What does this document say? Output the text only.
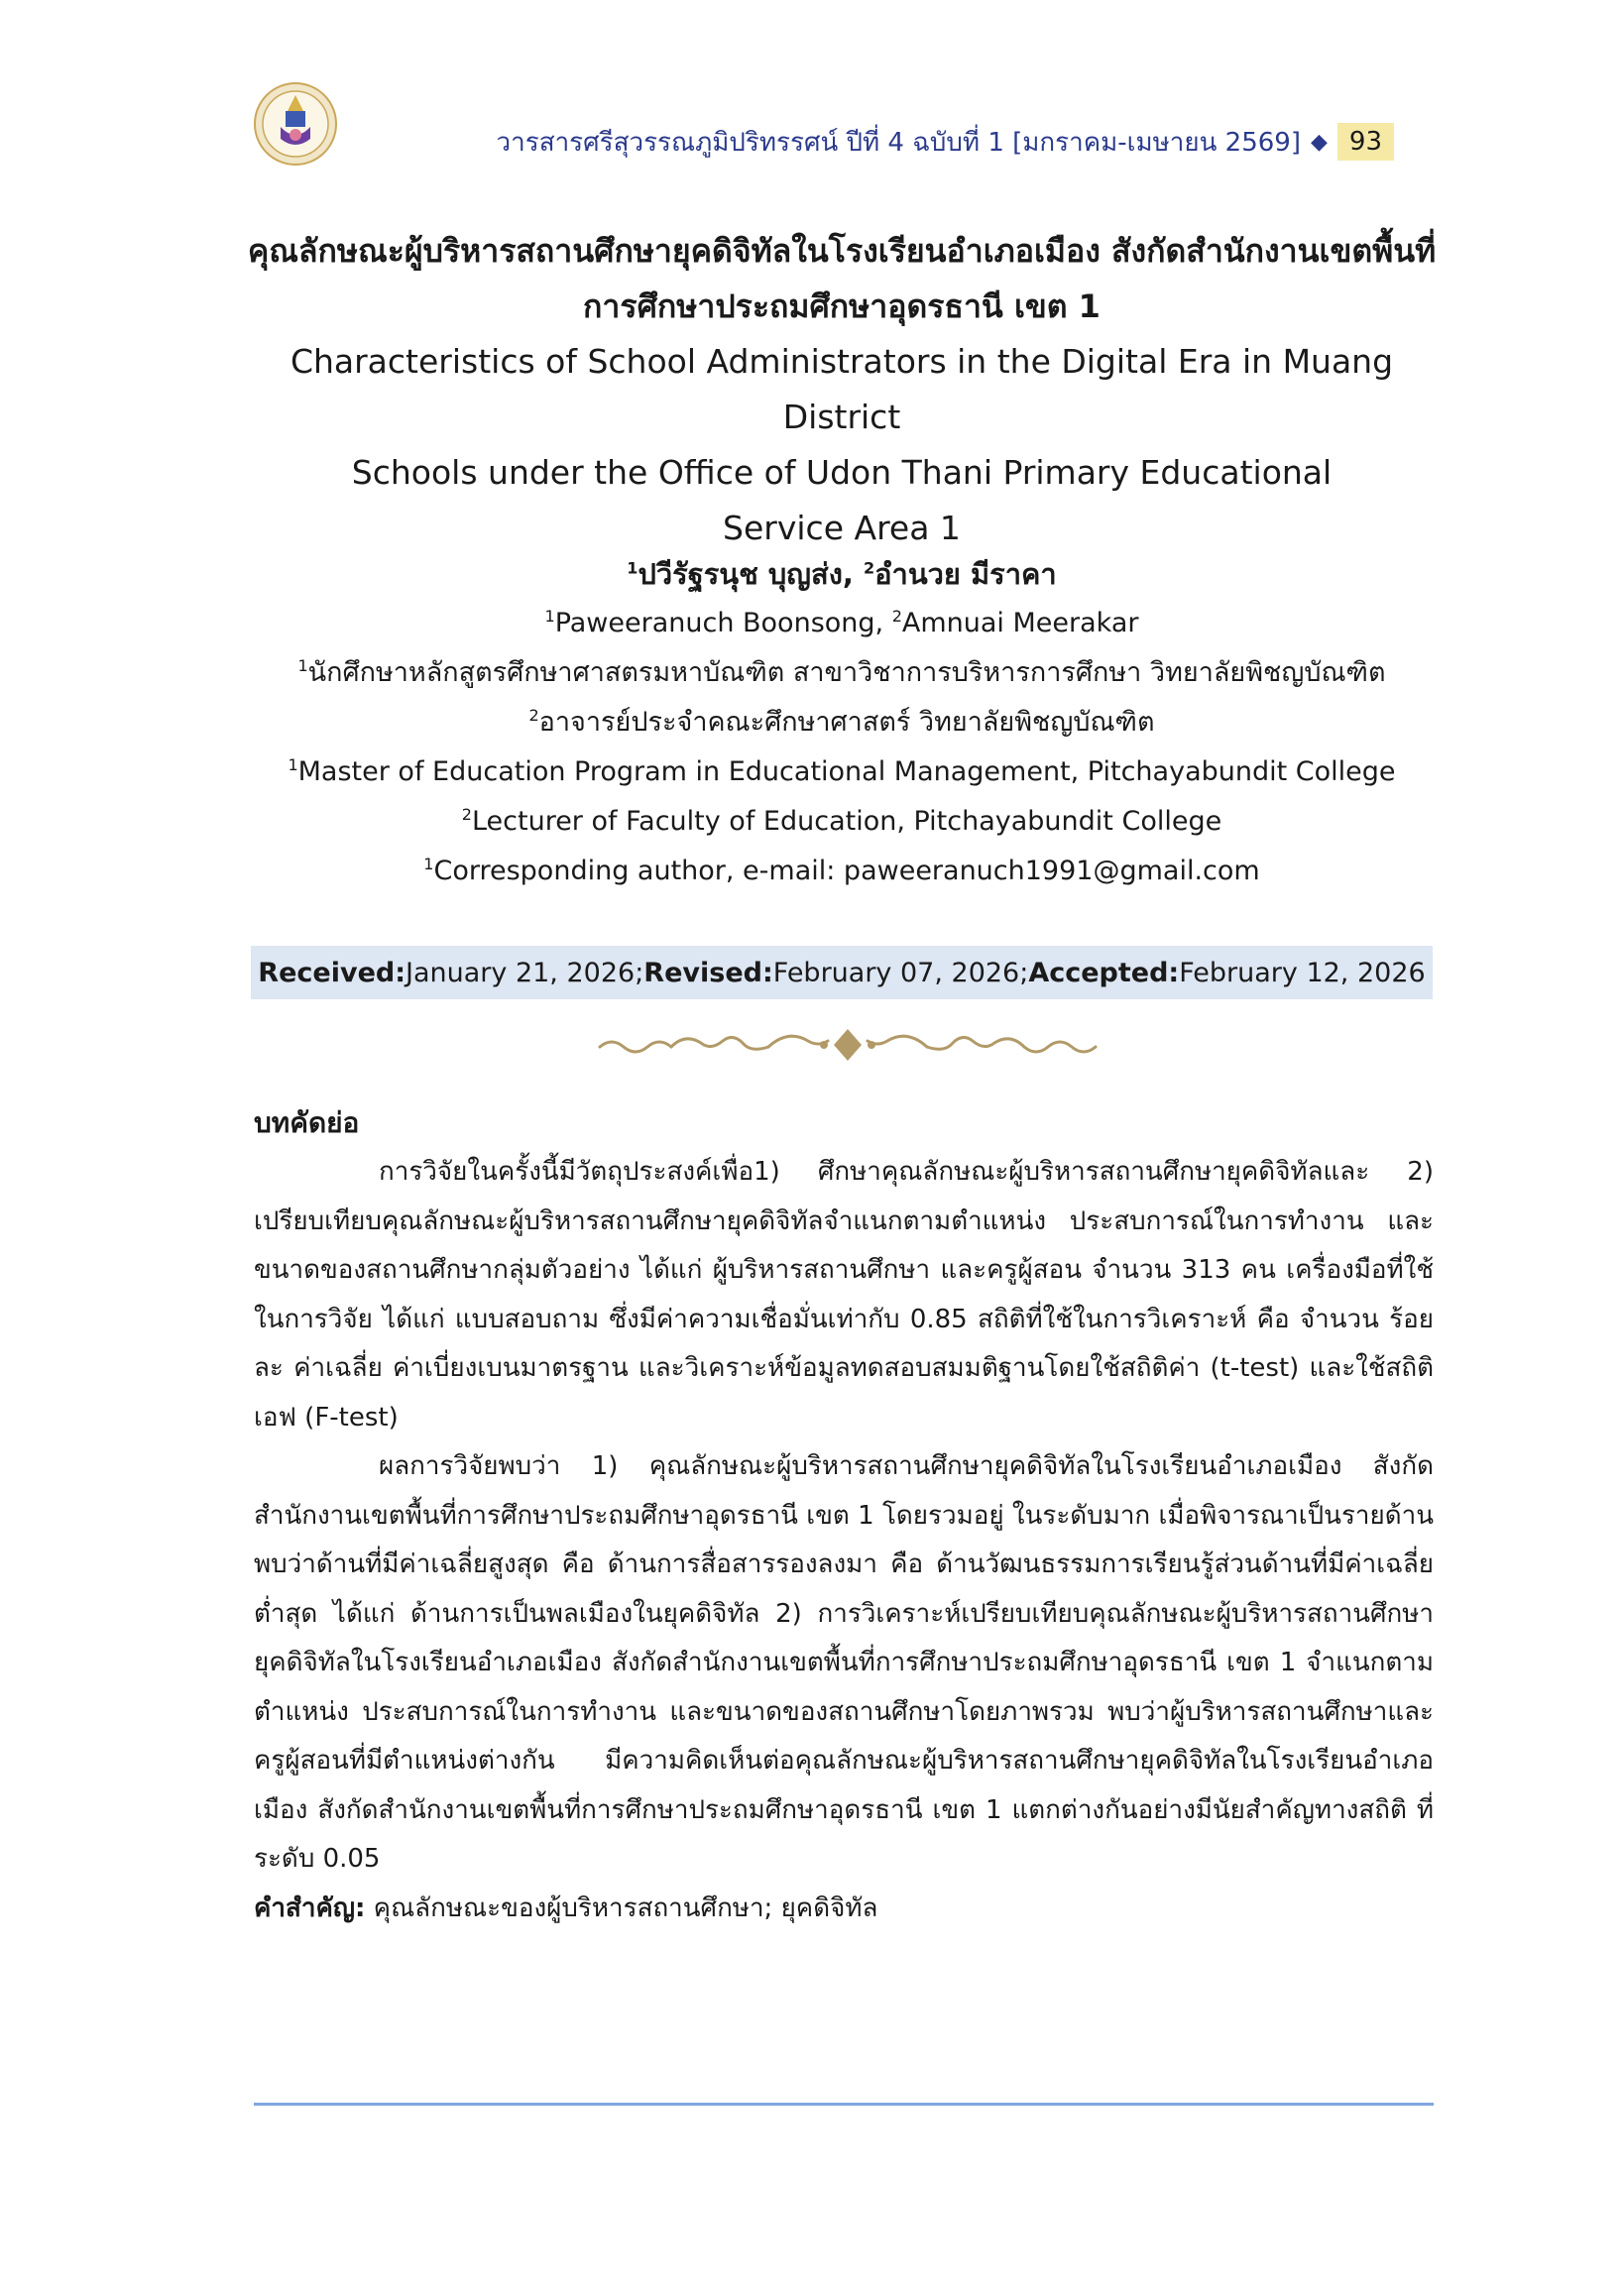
วารสารศรีสุวรรณภูมิปริทรรศน์ ปีที่ 4 ฉบับที่ 1 [มกราคม-เมษายน 2569] ◆ 93

คุณลักษณะผู้บริหารสถานศึกษายุคดิจิทัลในโรงเรียนอำเภอเมือง สังกัดสำนักงานเขตพื้นที่

การศึกษาประถมศึกษาอุดรธานี เขต 1

Characteristics of School Administrators in the Digital Era in Muang District

Schools under the Office of Udon Thani Primary Educational

Service Area 1

$^1$ปวีรัฐรนุช บุญส่ง, $^2$อำนวย มีราคา
$^1$Paweeranuch Boonsong, $^2$Amnuai Meerakar
$^1$นักศึกษาหลักสูตรศึกษาศาสตรมหาบัณฑิต สาขาวิชาการบริหารการศึกษา วิทยาลัยพิชญบัณฑิต
$^2$อาจารย์ประจำคณะศึกษาศาสตร์ วิทยาลัยพิชญบัณฑิต
$^1$Master of Education Program in Educational Management, Pitchayabundit College
$^2$Lecturer of Faculty of Education, Pitchayabundit College
$^1$Corresponding author, e-mail: paweeranuch1991@gmail.com
Received: January 21, 2026; Revised: February 07, 2026; Accepted: February 12, 2026

บทคัดย่อ

การวิจัยในครั้งนี้มีวัตถุประสงค์เพื่อ1) ศึกษาคุณลักษณะผู้บริหารสถานศึกษายุคดิจิทัลและ 2) เปรียบเทียบคุณลักษณะผู้บริหารสถานศึกษายุคดิจิทัลจำแนกตามตำแหน่ง ประสบการณ์ในการทำงาน และขนาดของสถานศึกษากลุ่มตัวอย่าง ได้แก่ ผู้บริหารสถานศึกษา และครูผู้สอน จำนวน 313 คน เครื่องมือที่ใช้ในการวิจัย ได้แก่ แบบสอบถาม ซึ่งมีค่าความเชื่อมั่นเท่ากับ 0.85 สถิติที่ใช้ในการวิเคราะห์ คือ จำนวน ร้อยละ ค่าเฉลี่ย ค่าเบี่ยงเบนมาตรฐาน และวิเคราะห์ข้อมูลทดสอบสมมติฐานโดยใช้สถิติค่า (t-test) และใช้สถิติเอฟ (F-test)

ผลการวิจัยพบว่า 1) คุณลักษณะผู้บริหารสถานศึกษายุคดิจิทัลในโรงเรียนอำเภอเมือง สังกัดสำนักงานเขตพื้นที่การศึกษาประถมศึกษาอุดรธานี เขต 1 โดยรวมอยู่ ในระดับมาก เมื่อพิจารณาเป็นรายด้าน พบว่าด้านที่มีค่าเฉลี่ยสูงสุด คือ ด้านการสื่อสารรองลงมา คือ ด้านวัฒนธรรมการเรียนรู้ส่วนด้านที่มีค่าเฉลี่ยต่ำสุด ได้แก่ ด้านการเป็นพลเมืองในยุคดิจิทัล 2) การวิเคราะห์เปรียบเทียบคุณลักษณะผู้บริหารสถานศึกษายุคดิจิทัลในโรงเรียนอำเภอเมือง สังกัดสำนักงานเขตพื้นที่การศึกษาประถมศึกษาอุดรธานี เขต 1 จำแนกตามตำแหน่ง ประสบการณ์ในการทำงาน และขนาดของสถานศึกษาโดยภาพรวม พบว่าผู้บริหารสถานศึกษาและครูผู้สอนที่มีตำแหน่งต่างกัน มีความคิดเห็นต่อคุณลักษณะผู้บริหารสถานศึกษายุคดิจิทัลในโรงเรียนอำเภอเมือง สังกัดสำนักงานเขตพื้นที่การศึกษาประถมศึกษาอุดรธานี เขต 1 แตกต่างกันอย่างมีนัยสำคัญทางสถิติ ที่ระดับ 0.05

คำสำคัญ: คุณลักษณะของผู้บริหารสถานศึกษา; ยุคดิจิทัล
